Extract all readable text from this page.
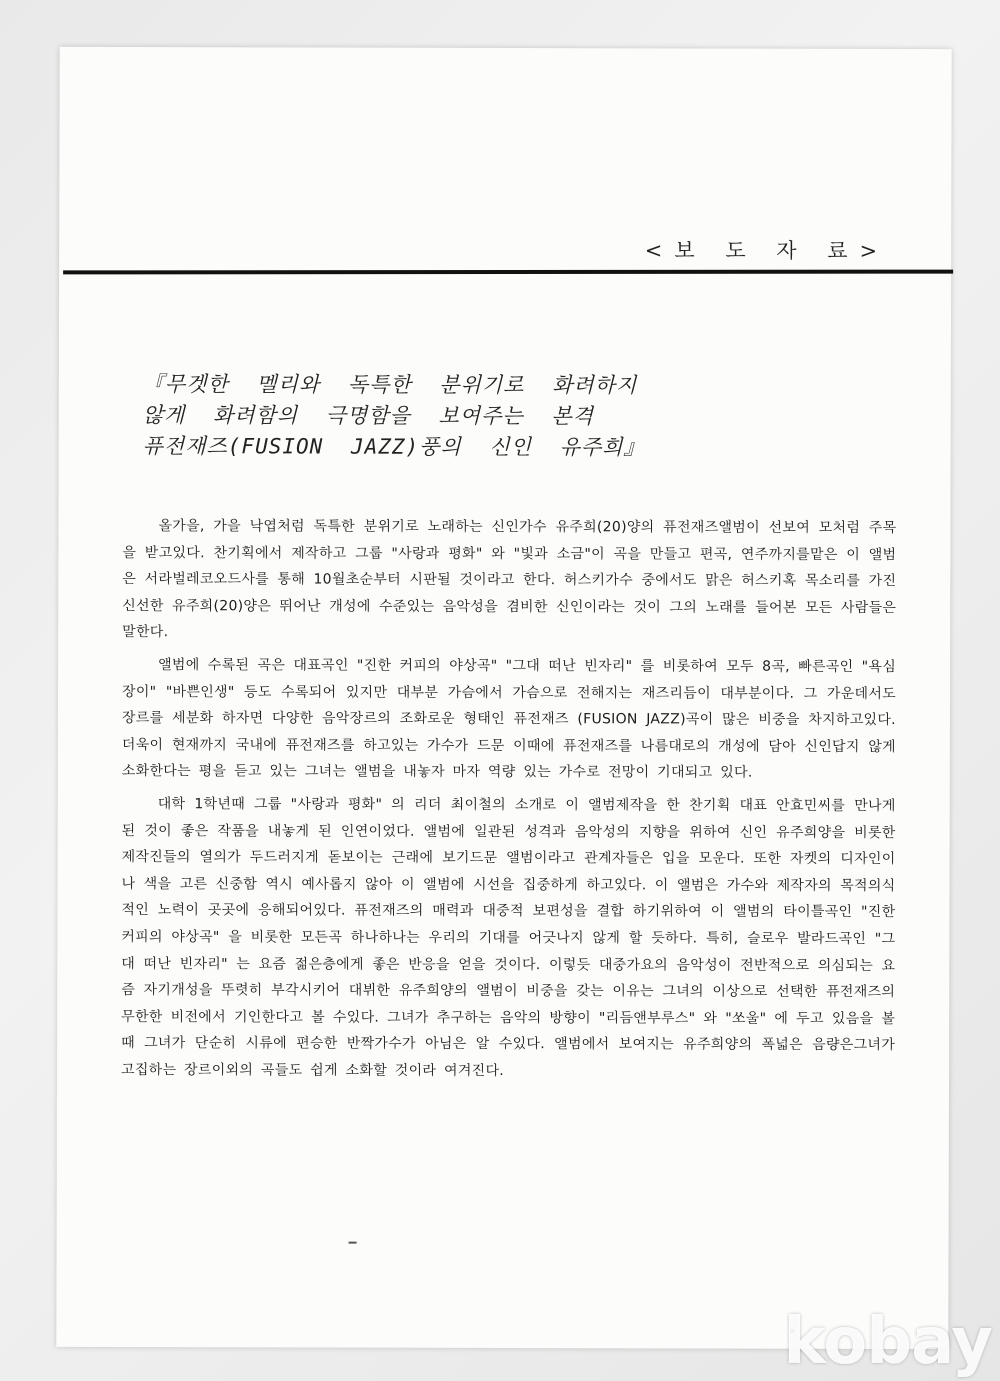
<보 도 자 료>
『무겟한 멜리와 독특한 분위기로 화려하지
않게 화려함의 극명함을 보여주는 본격
퓨전재즈(FUSION JAZZ)풍의 신인 유주희』

올가을, 가을 낙엽처럼 독특한 분위기로 노래하는 신인가수 유주희(20)양의 퓨전재즈앨범이 선보여 모처럼 주목을 받고있다. 찬기획에서 제작하고 그룹 "사랑과 평화" 와 "빛과 소금"이 곡을 만들고 편곡, 연주까지를맡은 이 앨범은 서라벌레코오드사를 통해 10월초순부터 시판될 것이라고 한다. 허스키가수 중에서도 맑은 허스키혹 목소리를 가진 신선한 유주희(20)양은 뛰어난 개성에 수준있는 음악성을 겸비한 신인이라는 것이 그의 노래를 들어본 모든 사람들은 말한다.

앨범에 수록된 곡은 대표곡인 "진한 커피의 야상곡" "그대 떠난 빈자리" 를 비롯하여 모두 8곡, 빠른곡인 "욕심장이" "바쁜인생" 등도 수록되어 있지만 대부분 가슴에서 가슴으로 전해지는 재즈리듬이 대부분이다. 그 가운데서도 장르를 세분화 하자면 다양한 음악장르의 조화로운 형태인 퓨전재즈 (FUSION JAZZ)곡이 많은 비중을 차지하고있다. 더욱이 현재까지 국내에 퓨전재즈를 하고있는 가수가 드문 이때에 퓨전재즈를 나름대로의 개성에 담아 신인답지 않게 소화한다는 평을 듣고 있는 그녀는 앨범을 내놓자 마자 역량 있는 가수로 전망이 기대되고 있다.

대학 1학년때 그룹 "사랑과 평화" 의 리더 최이철의 소개로 이 앨범제작을 한 찬기획 대표 안효민씨를 만나게 된 것이 좋은 작품을 내놓게 된 인연이었다. 앨범에 일관된 성격과 음악성의 지향을 위하여 신인 유주희양을 비롯한 제작진들의 열의가 두드러지게 돋보이는 근래에 보기드문 앨범이라고 관계자들은 입을 모운다. 또한 자켓의 디자인이나 색을 고른 신중함 역시 예사롭지 않아 이 앨범에 시선을 집중하게 하고있다. 이 앨범은 가수와 제작자의 목적의식적인 노력이 곳곳에 응해되어있다. 퓨전재즈의 매력과 대중적 보편성을 결합 하기위하여 이 앨범의 타이틀곡인 "진한 커피의 야상곡" 을 비롯한 모든곡 하나하나는 우리의 기대를 어긋나지 않게 할 듯하다. 특히, 슬로우 발라드곡인 "그대 떠난 빈자리" 는 요즘 젊은층에게 좋은 반응을 얻을 것이다. 이렇듯 대중가요의 음악성이 전반적으로 의심되는 요즘 자기개성을 뚜렷히 부각시키어 대뷔한 유주희양의 앨범이 비중을 갖는 이유는 그녀의 이상으로 선택한 퓨전재즈의 무한한 비전에서 기인한다고 볼 수있다. 그녀가 추구하는 음악의 방향이 "리듬앤부루스" 와 "쏘울" 에 두고 있음을 볼 때 그녀가 단순히 시류에 편승한 반짝가수가 아님은 알 수있다. 앨범에서 보여지는 유주희양의 폭넓은 음량은그녀가 고집하는 장르이외의 곡들도 쉽게 소화할 것이라 여겨진다.

kobay
